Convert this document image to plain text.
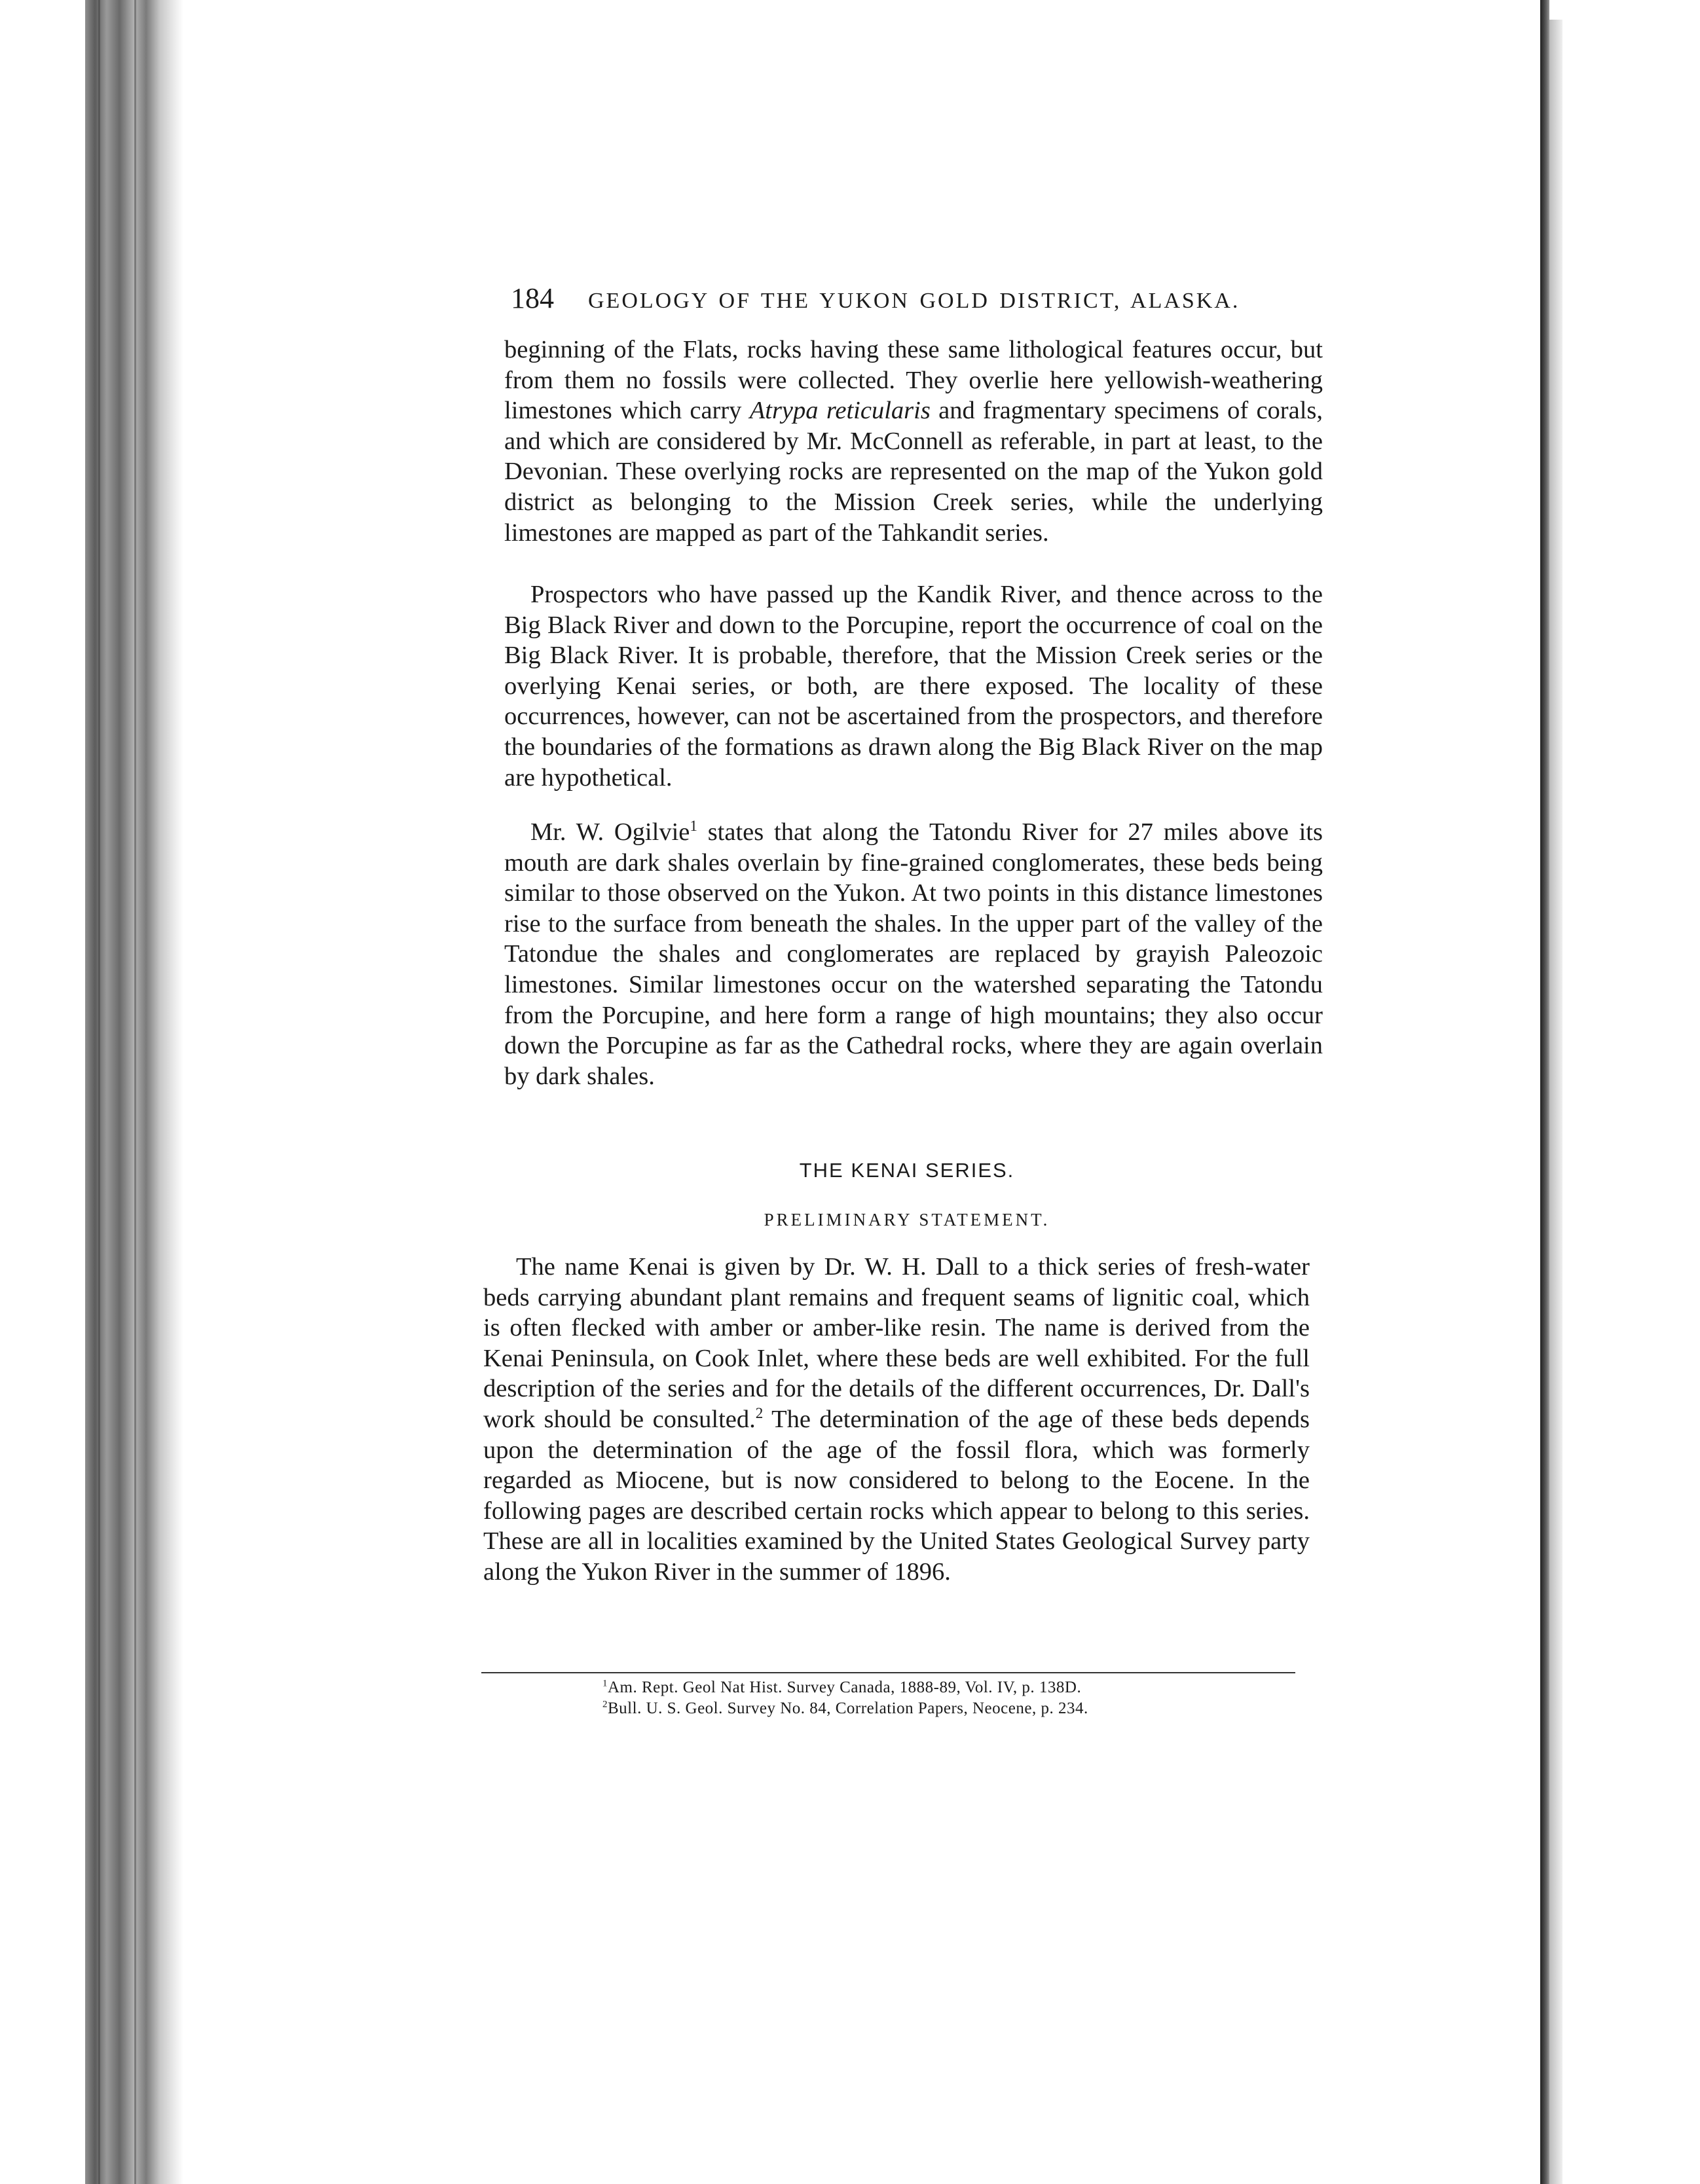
184 GEOLOGY OF THE YUKON GOLD DISTRICT, ALASKA.
beginning of the Flats, rocks having these same lithological features occur, but from them no fossils were collected. They overlie here yellowish-weathering limestones which carry Atrypa reticularis and fragmentary specimens of corals, and which are considered by Mr. McConnell as referable, in part at least, to the Devonian. These overlying rocks are represented on the map of the Yukon gold district as belonging to the Mission Creek series, while the underlying limestones are mapped as part of the Tahkandit series.
Prospectors who have passed up the Kandik River, and thence across to the Big Black River and down to the Porcupine, report the occurrence of coal on the Big Black River. It is probable, therefore, that the Mission Creek series or the overlying Kenai series, or both, are there exposed. The locality of these occurrences, however, can not be ascertained from the prospectors, and therefore the boundaries of the formations as drawn along the Big Black River on the map are hypothetical.
Mr. W. Ogilvie$^1$ states that along the Tatondu River for 27 miles above its mouth are dark shales overlain by fine-grained conglomerates, these beds being similar to those observed on the Yukon. At two points in this distance limestones rise to the surface from beneath the shales. In the upper part of the valley of the Tatondue the shales and conglomerates are replaced by grayish Paleozoic limestones. Similar limestones occur on the watershed separating the Tatondu from the Porcupine, and here form a range of high mountains; they also occur down the Porcupine as far as the Cathedral rocks, where they are again overlain by dark shales.
THE KENAI SERIES.
PRELIMINARY STATEMENT.
The name Kenai is given by Dr. W. H. Dall to a thick series of fresh-water beds carrying abundant plant remains and frequent seams of lignitic coal, which is often flecked with amber or amber-like resin. The name is derived from the Kenai Peninsula, on Cook Inlet, where these beds are well exhibited. For the full description of the series and for the details of the different occurrences, Dr. Dall's work should be consulted.$^2$ The determination of the age of these beds depends upon the determination of the age of the fossil flora, which was formerly regarded as Miocene, but is now considered to belong to the Eocene. In the following pages are described certain rocks which appear to belong to this series. These are all in localities examined by the United States Geological Survey party along the Yukon River in the summer of 1896.
$^1$Am. Rept. Geol Nat Hist. Survey Canada, 1888-89, Vol. IV, p. 138D.
$^2$Bull. U. S. Geol. Survey No. 84, Correlation Papers, Neocene, p. 234.
